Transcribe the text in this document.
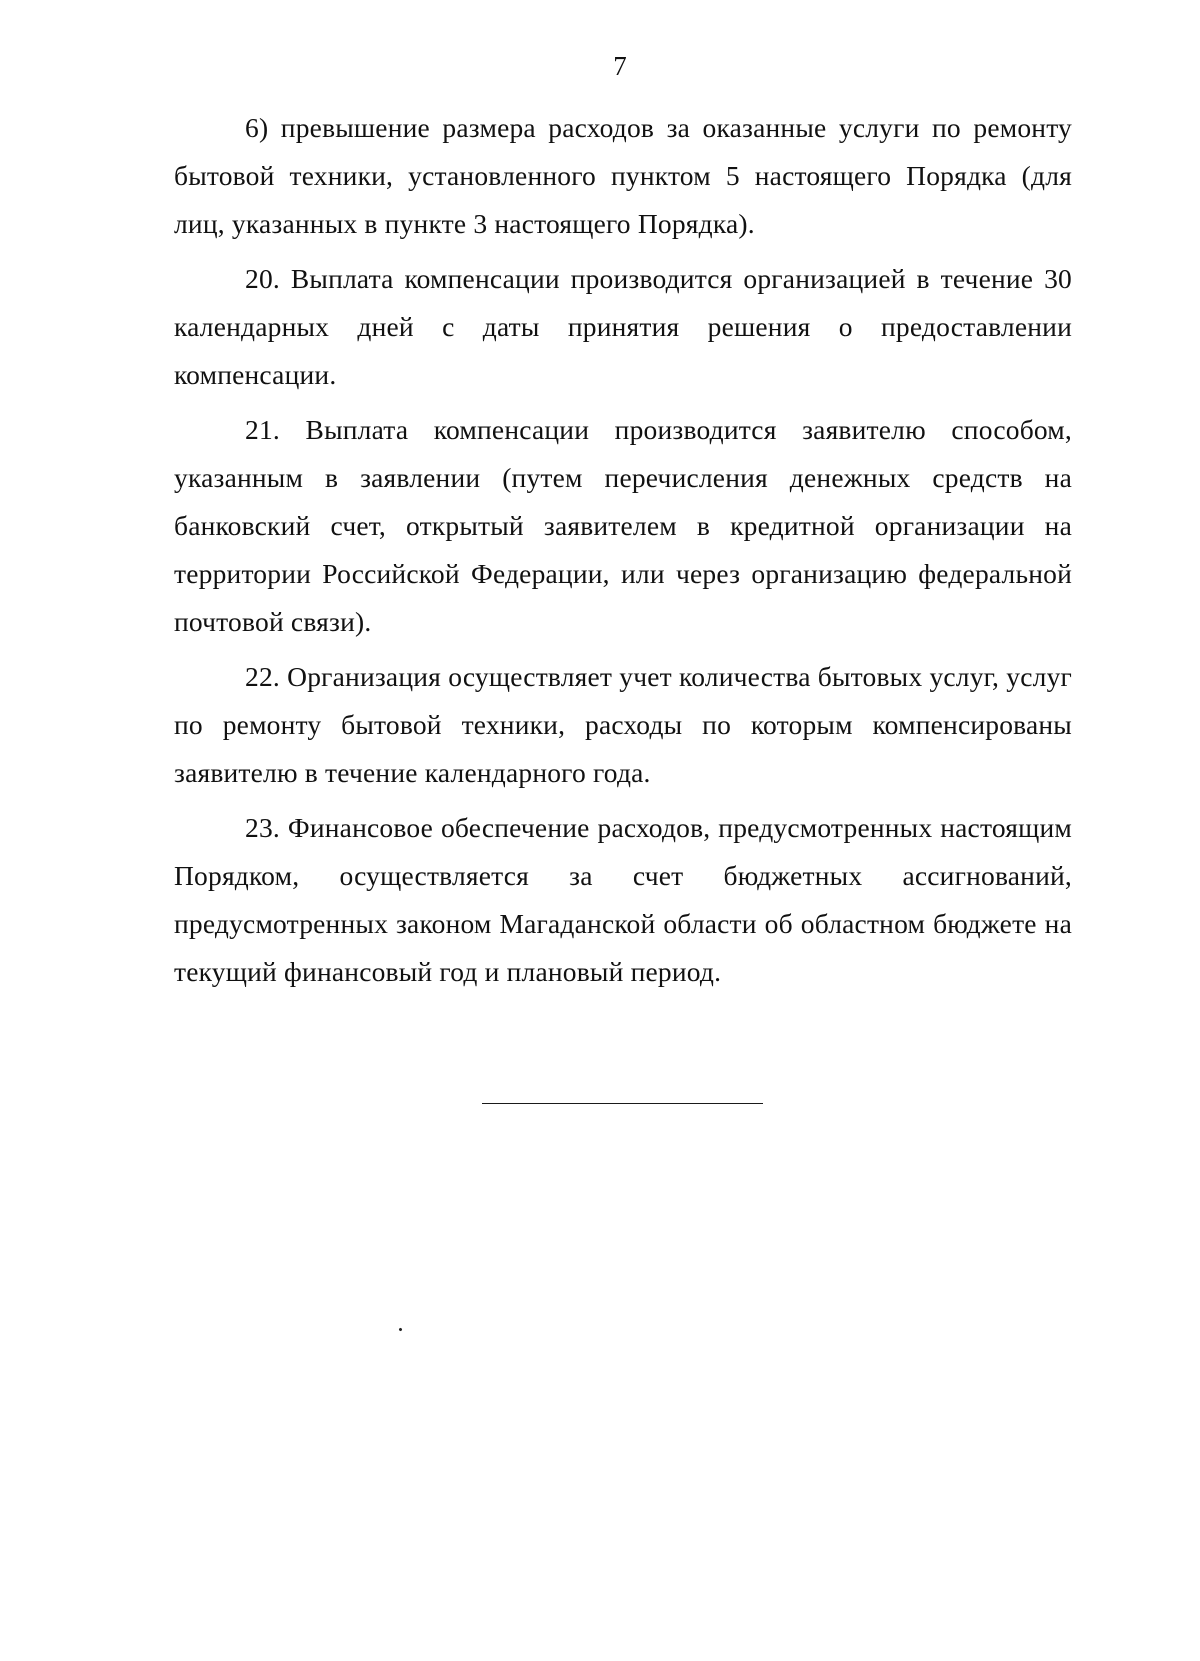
7

6) превышение размера расходов за оказанные услуги по ремонту бытовой техники, установленного пунктом 5 настоящего Порядка (для лиц, указанных в пункте 3 настоящего Порядка).

20. Выплата компенсации производится организацией в течение 30 календарных дней с даты принятия решения о предоставлении компенсации.

21. Выплата компенсации производится заявителю способом, указанным в заявлении (путем перечисления денежных средств на банковский счет, открытый заявителем в кредитной организации на территории Российской Федерации, или через организацию федеральной почтовой связи).

22. Организация осуществляет учет количества бытовых услуг, услуг по ремонту бытовой техники, расходы по которым компенсированы заявителю в течение календарного года.

23. Финансовое обеспечение расходов, предусмотренных настоящим Порядком, осуществляется за счет бюджетных ассигнований, предусмотренных законом Магаданской области об областном бюджете на текущий финансовый год и плановый период.
